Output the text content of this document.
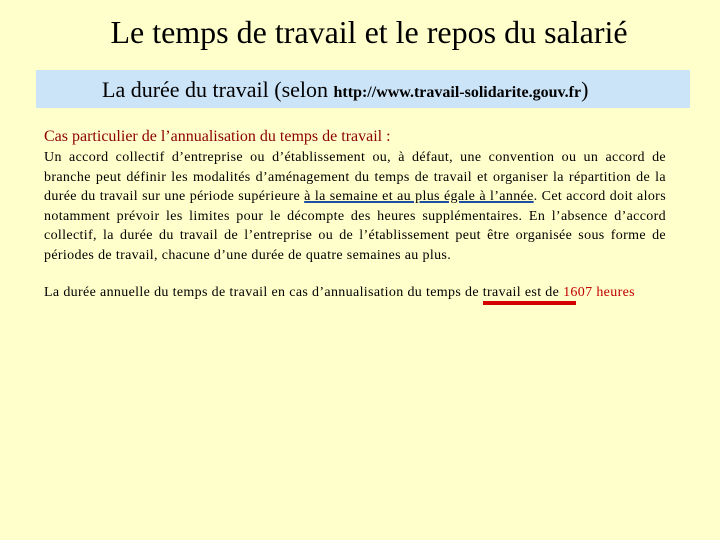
Le temps de travail et le repos du salarié
La durée du travail (selon http://www.travail-solidarite.gouv.fr)
Cas particulier de l’annualisation du temps de travail :

Un accord collectif d’entreprise ou d’établissement ou, à défaut, une convention ou un accord de branche peut définir les modalités d’aménagement du temps de travail et organiser la répartition de la durée du travail sur une période supérieure à la semaine et au plus égale à l’année. Cet accord doit alors notamment prévoir les limites pour le décompte des heures supplémentaires. En l’absence d’accord collectif, la durée du travail de l’entreprise ou de l’établissement peut être organisée sous forme de périodes de travail, chacune d’une durée de quatre semaines au plus.

La durée annuelle du temps de travail en cas d’annualisation du temps de travail est de 1607 heures
